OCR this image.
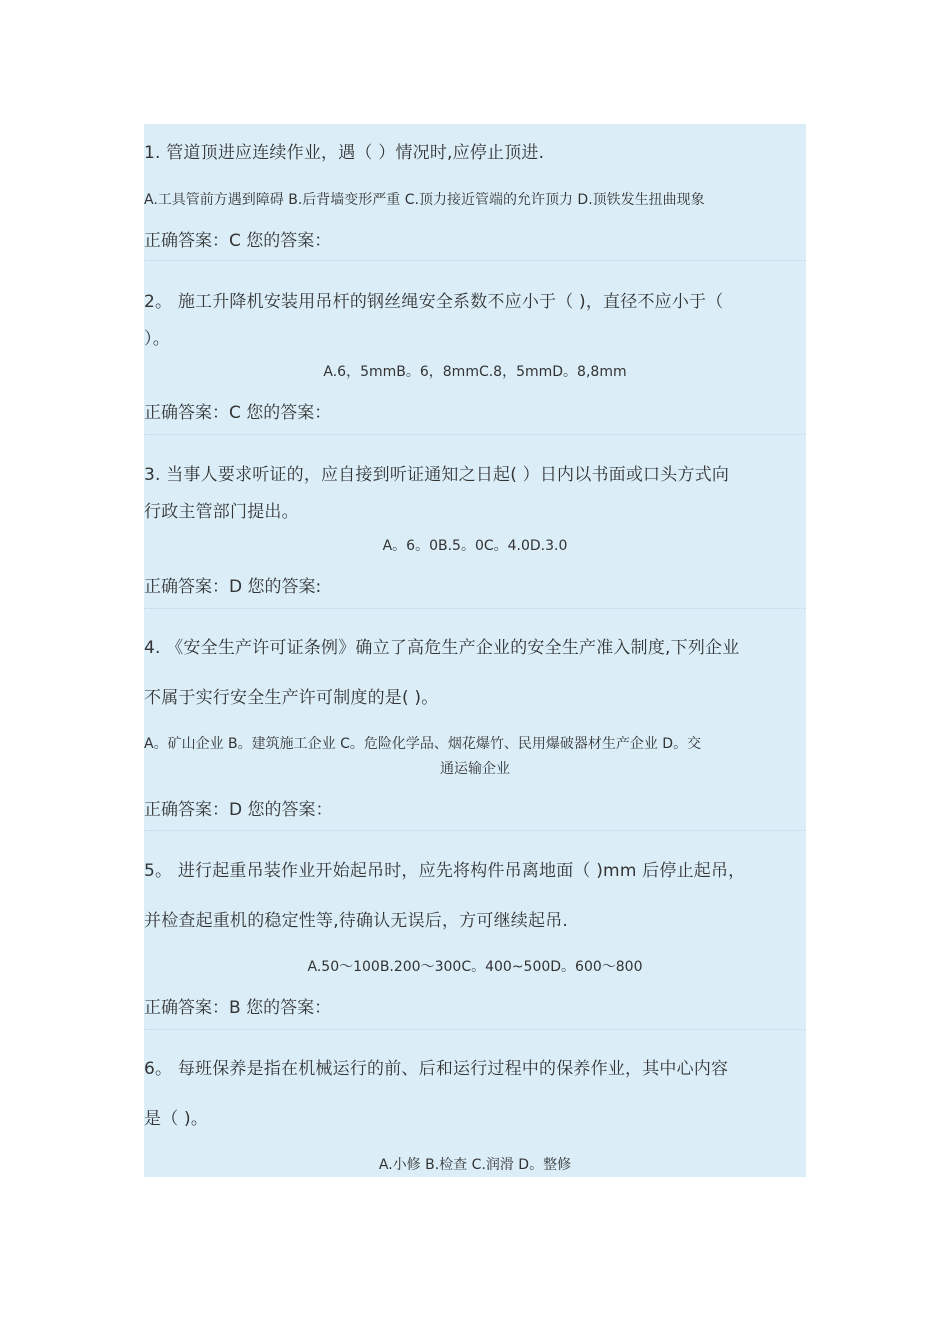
1. 管道顶进应连续作业，遇（ ）情况时,应停止顶进.
A.工具管前方遇到障碍 B.后背墙变形严重 C.顶力接近管端的允许顶力 D.顶铁发生扭曲现象
正确答案：C 您的答案：
2。 施工升降机安装用吊杆的钢丝绳安全系数不应小于（ )，直径不应小于（
）。
A.6，5mmB。6，8mmC.8，5mmD。8,8mm
正确答案：C 您的答案：
3. 当事人要求听证的，应自接到听证通知之日起( ）日内以书面或口头方式向
行政主管部门提出。
A。6。0B.5。0C。4.0D.3.0
正确答案：D 您的答案:
4. 《安全生产许可证条例》确立了高危生产企业的安全生产准入制度,下列企业
不属于实行安全生产许可制度的是( )。
A。矿山企业 B。建筑施工企业 C。危险化学品、烟花爆竹、民用爆破器材生产企业 D。交
通运输企业
正确答案：D 您的答案：
5。 进行起重吊装作业开始起吊时，应先将构件吊离地面（ )mm 后停止起吊，
并检查起重机的稳定性等,待确认无误后，方可继续起吊.
A.50～100B.200～300C。400~500D。600～800
正确答案：B 您的答案：
6。 每班保养是指在机械运行的前、后和运行过程中的保养作业，其中心内容
是（ )。
A.小修 B.检查 C.润滑 D。整修
